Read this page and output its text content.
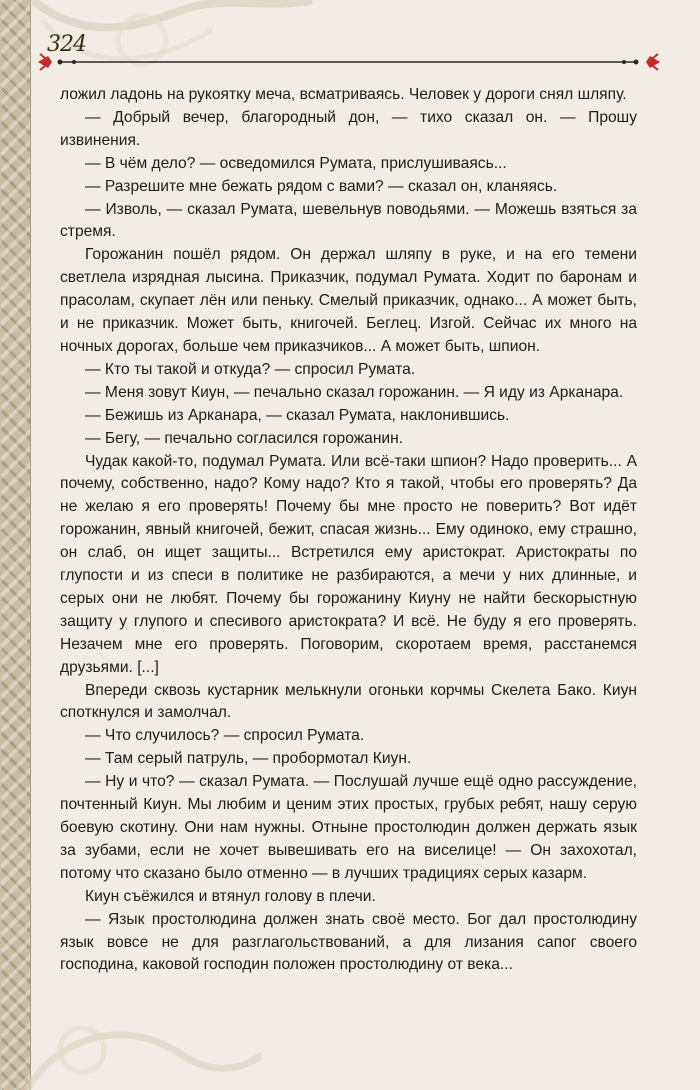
324

ложил ладонь на рукоятку меча, всматриваясь. Человек у дороги снял шляпу.

— Добрый вечер, благородный дон, — тихо сказал он. — Прошу извинения.

— В чём дело? — осведомился Румата, прислушиваясь...

— Разрешите мне бежать рядом с вами? — сказал он, кланяясь.

— Изволь, — сказал Румата, шевельнув поводьями. — Можешь взяться за стремя.

Горожанин пошёл рядом. Он держал шляпу в руке, и на его темени светлела изрядная лысина. Приказчик, подумал Румата. Ходит по баронам и прасолам, скупает лён или пеньку. Смелый приказчик, однако... А может быть, и не приказчик. Может быть, книгочей. Беглец. Изгой. Сейчас их много на ночных дорогах, больше чем приказчиков... А может быть, шпион.

— Кто ты такой и откуда? — спросил Румата.

— Меня зовут Киун, — печально сказал горожанин. — Я иду из Арканара.

— Бежишь из Арканара, — сказал Румата, наклонившись.

— Бегу, — печально согласился горожанин.

Чудак какой-то, подумал Румата. Или всё-таки шпион? Надо проверить... А почему, собственно, надо? Кому надо? Кто я такой, чтобы его проверять? Да не желаю я его проверять! Почему бы мне просто не поверить? Вот идёт горожанин, явный книгочей, бежит, спасая жизнь... Ему одиноко, ему страшно, он слаб, он ищет защиты... Встретился ему аристократ. Аристократы по глупости и из спеси в политике не разбираются, а мечи у них длинные, и серых они не любят. Почему бы горожанину Киуну не найти бескорыстную защиту у глупого и спесивого аристократа? И всё. Не буду я его проверять. Незачем мне его проверять. Поговорим, скоротаем время, расстанемся друзьями. [...]

Впереди сквозь кустарник мелькнули огоньки корчмы Скелета Бако. Киун споткнулся и замолчал.

— Что случилось? — спросил Румата.

— Там серый патруль, — пробормотал Киун.

— Ну и что? — сказал Румата. — Послушай лучше ещё одно рассуждение, почтенный Киун. Мы любим и ценим этих простых, грубых ребят, нашу серую боевую скотину. Они нам нужны. Отныне простолюдин должен держать язык за зубами, если не хочет вывешивать его на виселице! — Он захохотал, потому что сказано было отменно — в лучших традициях серых казарм.

Киун съёжился и втянул голову в плечи.

— Язык простолюдина должен знать своё место. Бог дал простолюдину язык вовсе не для разглагольствований, а для лизания сапог своего господина, каковой господин положен простолюдину от века...
